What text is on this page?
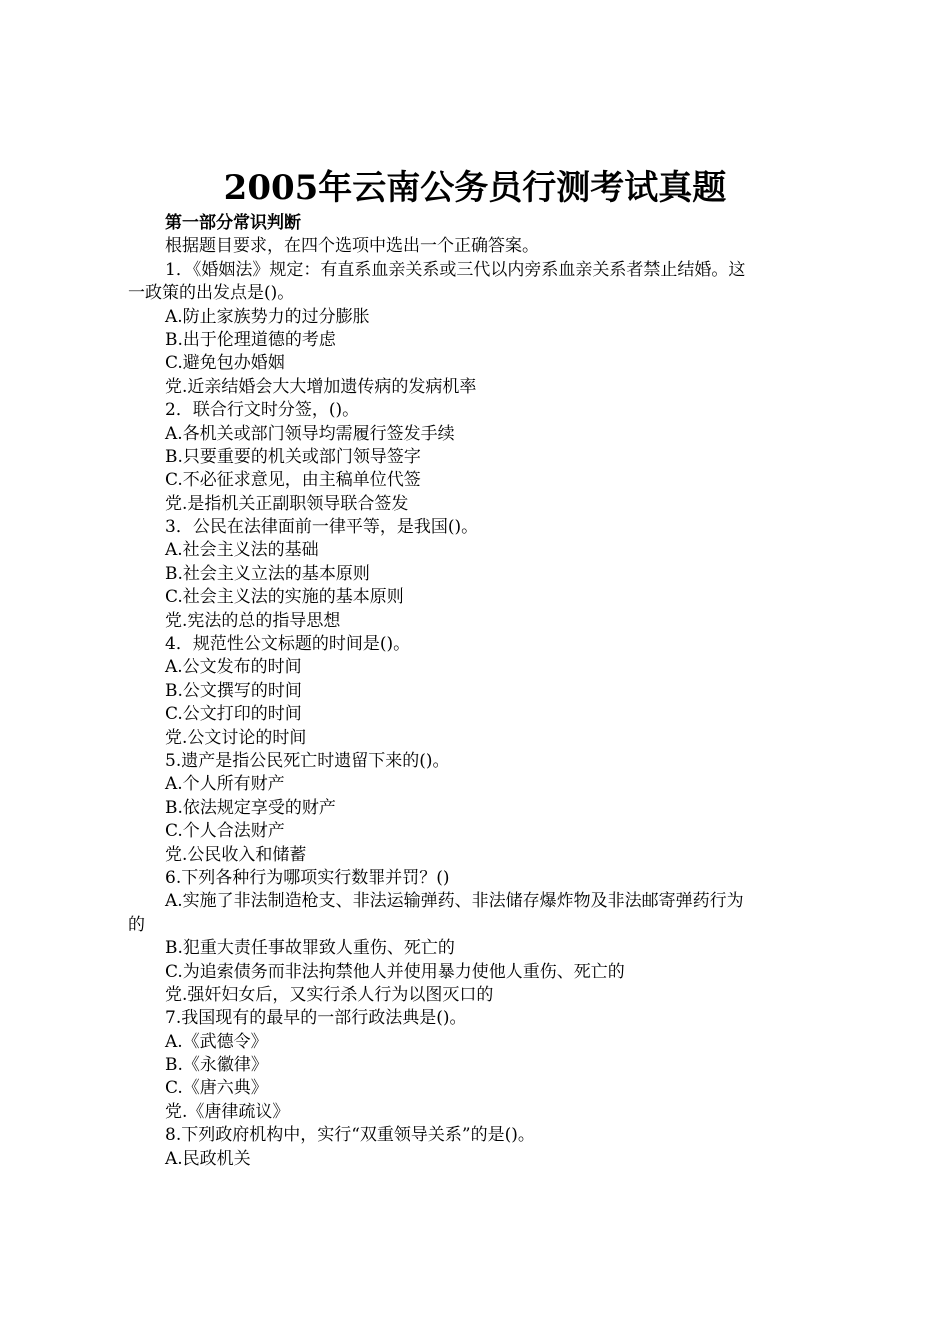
2005年云南公务员行测考试真题
第一部分常识判断
根据题目要求，在四个选项中选出一个正确答案。
1．《婚姻法》规定：有直系血亲关系或三代以内旁系血亲关系者禁止结婚。这
一政策的出发点是()。
A.防止家族势力的过分膨胀
B.出于伦理道德的考虑
C.避免包办婚姻
党.近亲结婚会大大增加遗传病的发病机率
2．联合行文时分签，()。
A.各机关或部门领导均需履行签发手续
B.只要重要的机关或部门领导签字
C.不必征求意见，由主稿单位代签
党.是指机关正副职领导联合签发
3．公民在法律面前一律平等，是我国()。
A.社会主义法的基础
B.社会主义立法的基本原则
C.社会主义法的实施的基本原则
党.宪法的总的指导思想
4．规范性公文标题的时间是()。
A.公文发布的时间
B.公文撰写的时间
C.公文打印的时间
党.公文讨论的时间
5.遗产是指公民死亡时遗留下来的()。
A.个人所有财产
B.依法规定享受的财产
C.个人合法财产
党.公民收入和储蓄
6.下列各种行为哪项实行数罪并罚？()
A.实施了非法制造枪支、非法运输弹药、非法储存爆炸物及非法邮寄弹药行为
的
B.犯重大责任事故罪致人重伤、死亡的
C.为追索债务而非法拘禁他人并使用暴力使他人重伤、死亡的
党.强奸妇女后，又实行杀人行为以图灭口的
7.我国现有的最早的一部行政法典是()。
A.《武德令》
B.《永徽律》
C.《唐六典》
党.《唐律疏议》
8.下列政府机构中，实行“双重领导关系”的是()。
A.民政机关
